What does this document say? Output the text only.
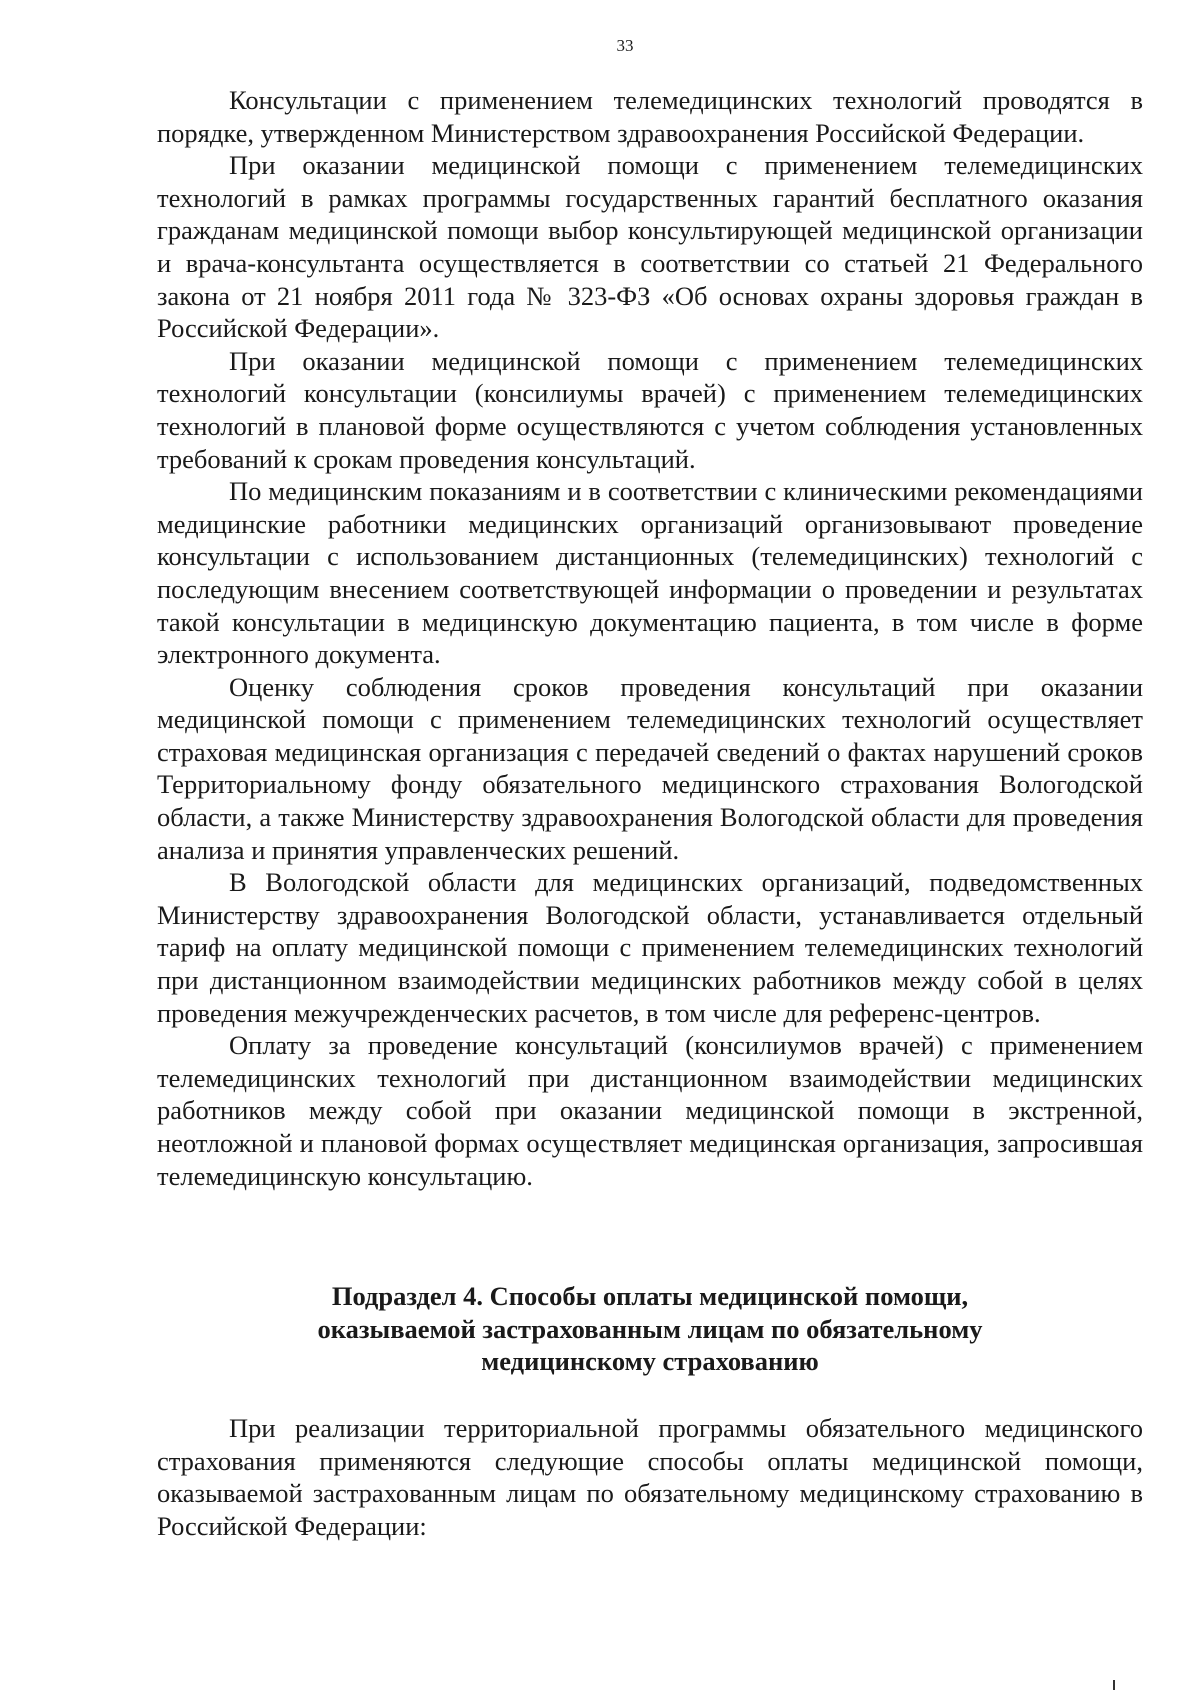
33

Консультации с применением телемедицинских технологий проводятся в порядке, утвержденном Министерством здравоохранения Российской Федерации.

При оказании медицинской помощи с применением телемедицинских технологий в рамках программы государственных гарантий бесплатного оказания гражданам медицинской помощи выбор консультирующей медицинской организации и врача-консультанта осуществляется в соответствии со статьей 21 Федерального закона от 21 ноября 2011 года № 323-ФЗ «Об основах охраны здоровья граждан в Российской Федерации».

При оказании медицинской помощи с применением телемедицинских технологий консультации (консилиумы врачей) с применением телемедицинских технологий в плановой форме осуществляются с учетом соблюдения установленных требований к срокам проведения консультаций.

По медицинским показаниям и в соответствии с клиническими рекомендациями медицинские работники медицинских организаций организовывают проведение консультации с использованием дистанционных (телемедицинских) технологий с последующим внесением соответствующей информации о проведении и результатах такой консультации в медицинскую документацию пациента, в том числе в форме электронного документа.

Оценку соблюдения сроков проведения консультаций при оказании медицинской помощи с применением телемедицинских технологий осуществляет страховая медицинская организация с передачей сведений о фактах нарушений сроков Территориальному фонду обязательного медицинского страхования Вологодской области, а также Министерству здравоохранения Вологодской области для проведения анализа и принятия управленческих решений.

В Вологодской области для медицинских организаций, подведомственных Министерству здравоохранения Вологодской области, устанавливается отдельный тариф на оплату медицинской помощи с применением телемедицинских технологий при дистанционном взаимодействии медицинских работников между собой в целях проведения межучрежденческих расчетов, в том числе для референс-центров.

Оплату за проведение консультаций (консилиумов врачей) с применением телемедицинских технологий при дистанционном взаимодействии медицинских работников между собой при оказании медицинской помощи в экстренной, неотложной и плановой формах осуществляет медицинская организация, запросившая телемедицинскую консультацию.

Подраздел 4. Способы оплаты медицинской помощи,
оказываемой застрахованным лицам по обязательному
медицинскому страхованию

При реализации территориальной программы обязательного медицинского страхования применяются следующие способы оплаты медицинской помощи, оказываемой застрахованным лицам по обязательному медицинскому страхованию в Российской Федерации:
